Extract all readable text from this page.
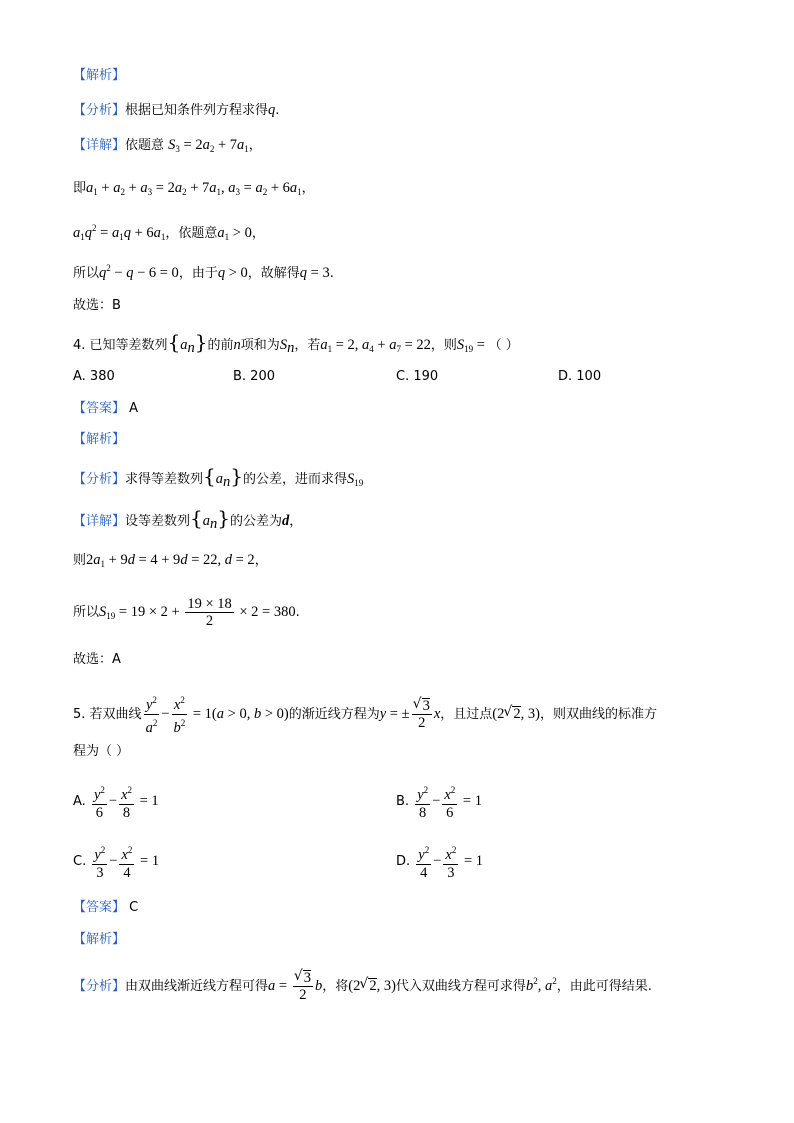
【解析】
【分析】根据已知条件列方程求得q.
【详解】依题意 $S_3 = 2a_2 + 7a_1$，
即$a_1 + a_2 + a_3 = 2a_2 + 7a_1$, $a_3 = a_2 + 6a_1$，
$a_1q^2 = a_1q + 6a_1$，依题意$a_1 > 0$，
所以$q^2 - q - 6 = 0$，由于q > 0，故解得q = 3.
故选：B
4. 已知等差数列$\{a_n\}$的前n项和为$S_n$，若$a_1 = 2$, $a_4 + a_7 = 22$，则$S_{19}$ = （ ）
A. 380	B. 200	C. 190	D. 100
【答案】 A
【解析】
【分析】求得等差数列$\{a_n\}$的公差，进而求得$S_{19}$
【详解】设等差数列$\{a_n\}$的公差为d，
则$2a_1 + 9d = 4 + 9d = 22$, d = 2，
所以$S_{19} = 19 \times 2 + \frac{19 \times 18}{2} \times 2 = 380$.
故选：A
5. 若双曲线 $\frac{y^2}{a^2} - \frac{x^2}{b^2} = 1(a > 0$, b > 0)的渐近线方程为y = ± √ $\frac{3}{2}$ x，且过点(2 √ 2, 3)，则双曲线的标准方
程为（ ）
A. $\frac{y^2}{6} - \frac{x^2}{8} = 1$	B. $\frac{y^2}{8} - \frac{x^2}{6} = 1$
C. $\frac{y^2}{3} - \frac{x^2}{4} = 1$	D. $\frac{y^2}{4} - \frac{x^2}{3} = 1$
【答案】 C
【解析】
【分析】由双曲线渐近线方程可得a = √ $\frac{3}{2}$ b，将(2 √ 2, 3)代入双曲线方程可求得$b^2$, $a^2$，由此可得结果.
